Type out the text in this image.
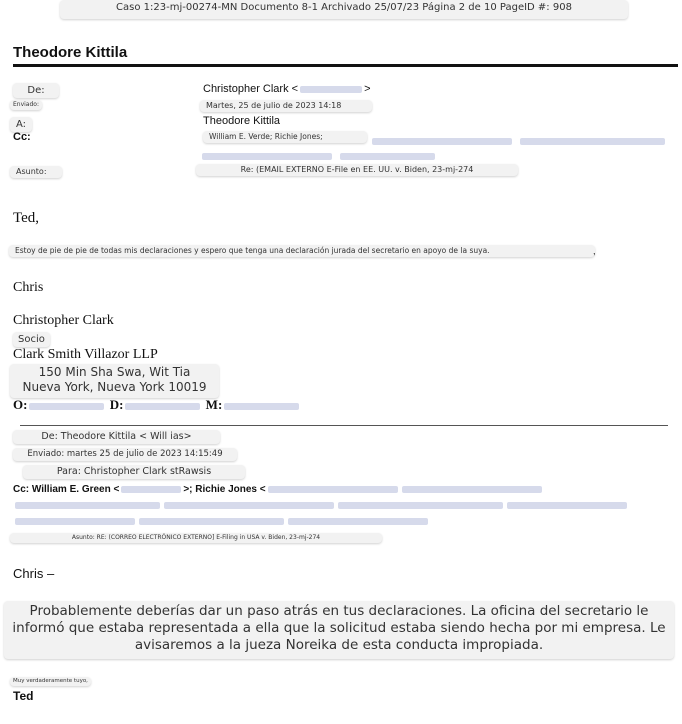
Caso 1:23-mj-00274-MN Documento 8-1 Archivado 25/07/23 Página 2 de 10 PageID #: 908
Theodore Kittila
De:	Christopher Clark <	>
Enviado:	Martes, 25 de julio de 2023 14:18
A:	Theodore Kittila
Cc:	William E. Verde; Richie Jones;

Asunto:	Re: (EMAIL EXTERNO E-File en EE. UU. v. Biden, 23-mj-274
Ted,
Estoy de pie de pie de todas mis declaraciones y espero que tenga una declaración jurada del secretario en apoyo de la suya.	,
Chris
Christopher Clark
Socio
Clark Smith Villazor LLP
150 Min Sha Swa, Wit Tia
Nueva York, Nueva York 10019
O:	D:	M:
De: Theodore Kittila < Will ias>
Enviado: martes 25 de julio de 2023 14:15:49
Para: Christopher Clark stRawsis
Cc: William E. Green <	>; Richie Jones <
Asunto: RE: (CORREO ELECTRÓNICO EXTERNO] E-Filing in USA v. Biden, 23-mj-274
Chris –
Probablemente deberías dar un paso atrás en tus declaraciones. La oficina del secretario le informó que estaba representada a ella que la solicitud estaba siendo hecha por mi empresa. Le avisaremos a la jueza Noreika de esta conducta impropiada.
Muy verdaderamente tuyo,
Ted
